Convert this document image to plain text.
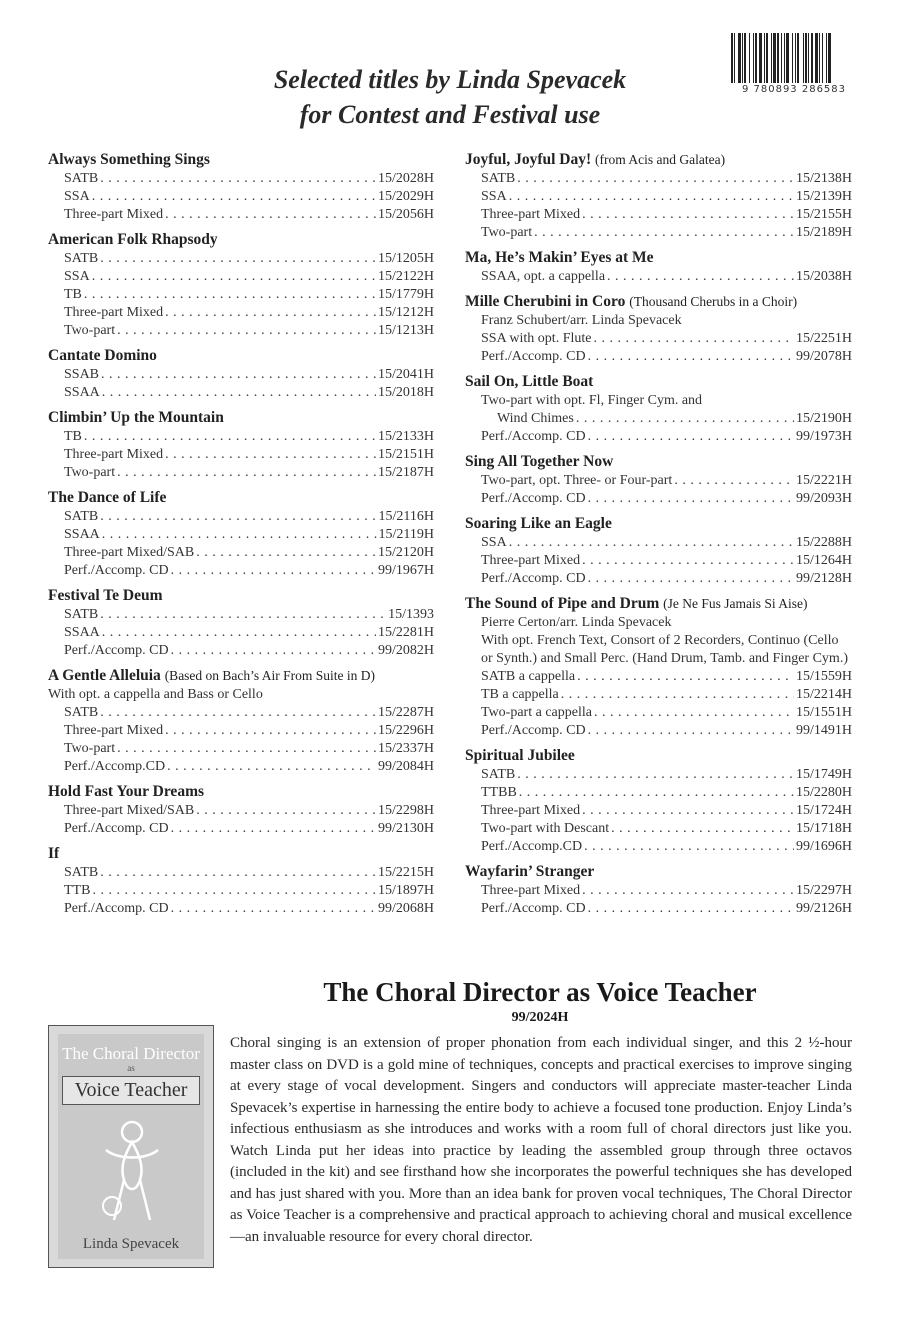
9 780893 286583
Selected titles by Linda Spevacek
for Contest and Festival use
Always Something Sings
SATB . . .	15/2028H
SSA . . .	15/2029H
Three-part Mixed . . .	15/2056H
American Folk Rhapsody
SATB . . .	15/1205H
SSA . . .	15/2122H
TB . . .	15/1779H
Three-part Mixed . . .	15/1212H
Two-part . . .	15/1213H
Cantate Domino
SSAB . . .	15/2041H
SSAA . . .	15/2018H
Climbin’ Up the Mountain
TB . . .	15/2133H
Three-part Mixed . . .	15/2151H
Two-part . . .	15/2187H
The Dance of Life
SATB . . .	15/2116H
SSAA . . .	15/2119H
Three-part Mixed/SAB . . .	15/2120H
Perf./Accomp. CD . . .	99/1967H
Festival Te Deum
SATB . . .	15/1393
SSAA . . .	15/2281H
Perf./Accomp. CD . . .	99/2082H
A Gentle Alleluia (Based on Bach’s Air From Suite in D)
With opt. a cappella and Bass or Cello
SATB . . .	15/2287H
Three-part Mixed . . .	15/2296H
Two-part . . .	15/2337H
Perf./Accomp.CD . . .	99/2084H
Hold Fast Your Dreams
Three-part Mixed/SAB . . .	15/2298H
Perf./Accomp. CD . . .	99/2130H
If
SATB . . .	15/2215H
TTB . . .	15/1897H
Perf./Accomp. CD . . .	99/2068H
Joyful, Joyful Day! (from Acis and Galatea)
SATB . . .	15/2138H
SSA . . .	15/2139H
Three-part Mixed . . .	15/2155H
Two-part . . .	15/2189H
Ma, He’s Makin’ Eyes at Me
SSAA, opt. a cappella . . .	15/2038H
Mille Cherubini in Coro (Thousand Cherubs in a Choir)
Franz Schubert/arr. Linda Spevacek
SSA with opt. Flute . . .	15/2251H
Perf./Accomp. CD . . .	99/2078H
Sail On, Little Boat
Two-part with opt. Fl, Finger Cym. and
Wind Chimes . . .	15/2190H
Perf./Accomp. CD . . .	99/1973H
Sing All Together Now
Two-part, opt. Three- or Four-part . . .	15/2221H
Perf./Accomp. CD . . .	99/2093H
Soaring Like an Eagle
SSA . . .	15/2288H
Three-part Mixed . . .	15/1264H
Perf./Accomp. CD . . .	99/2128H
The Sound of Pipe and Drum (Je Ne Fus Jamais Si Aise)
Pierre Certon/arr. Linda Spevacek
With opt. French Text, Consort of 2 Recorders, Continuo (Cello or Synth.) and Small Perc. (Hand Drum, Tamb. and Finger Cym.)
SATB a cappella . . .	15/1559H
TB a cappella . . .	15/2214H
Two-part a cappella . . .	15/1551H
Perf./Accomp. CD . . .	99/1491H
Spiritual Jubilee
SATB . . .	15/1749H
TTBB . . .	15/2280H
Three-part Mixed . . .	15/1724H
Two-part with Descant . . .	15/1718H
Perf./Accomp.CD . . .	99/1696H
Wayfarin’ Stranger
Three-part Mixed . . .	15/2297H
Perf./Accomp. CD . . .	99/2126H
The Choral Director as Voice Teacher
99/2024H
The Choral Director
as
Voice Teacher
Linda Spevacek

Choral singing is an extension of proper phonation from each individual singer, and this 2 ½-hour master class on DVD is a gold mine of techniques, concepts and practical exercises to improve singing at every stage of vocal development. Singers and conductors will appreciate master-teacher Linda Spevacek’s expertise in harnessing the entire body to achieve a focused tone production. Enjoy Linda’s infectious enthusiasm as she introduces and works with a room full of choral directors just like you. Watch Linda put her ideas into practice by leading the assembled group through three octavos (included in the kit) and see firsthand how she incorporates the powerful techniques she has developed and has just shared with you. More than an idea bank for proven vocal techniques, The Choral Director as Voice Teacher is a comprehensive and practical approach to achieving choral and musical excellence—an invaluable resource for every choral director.
